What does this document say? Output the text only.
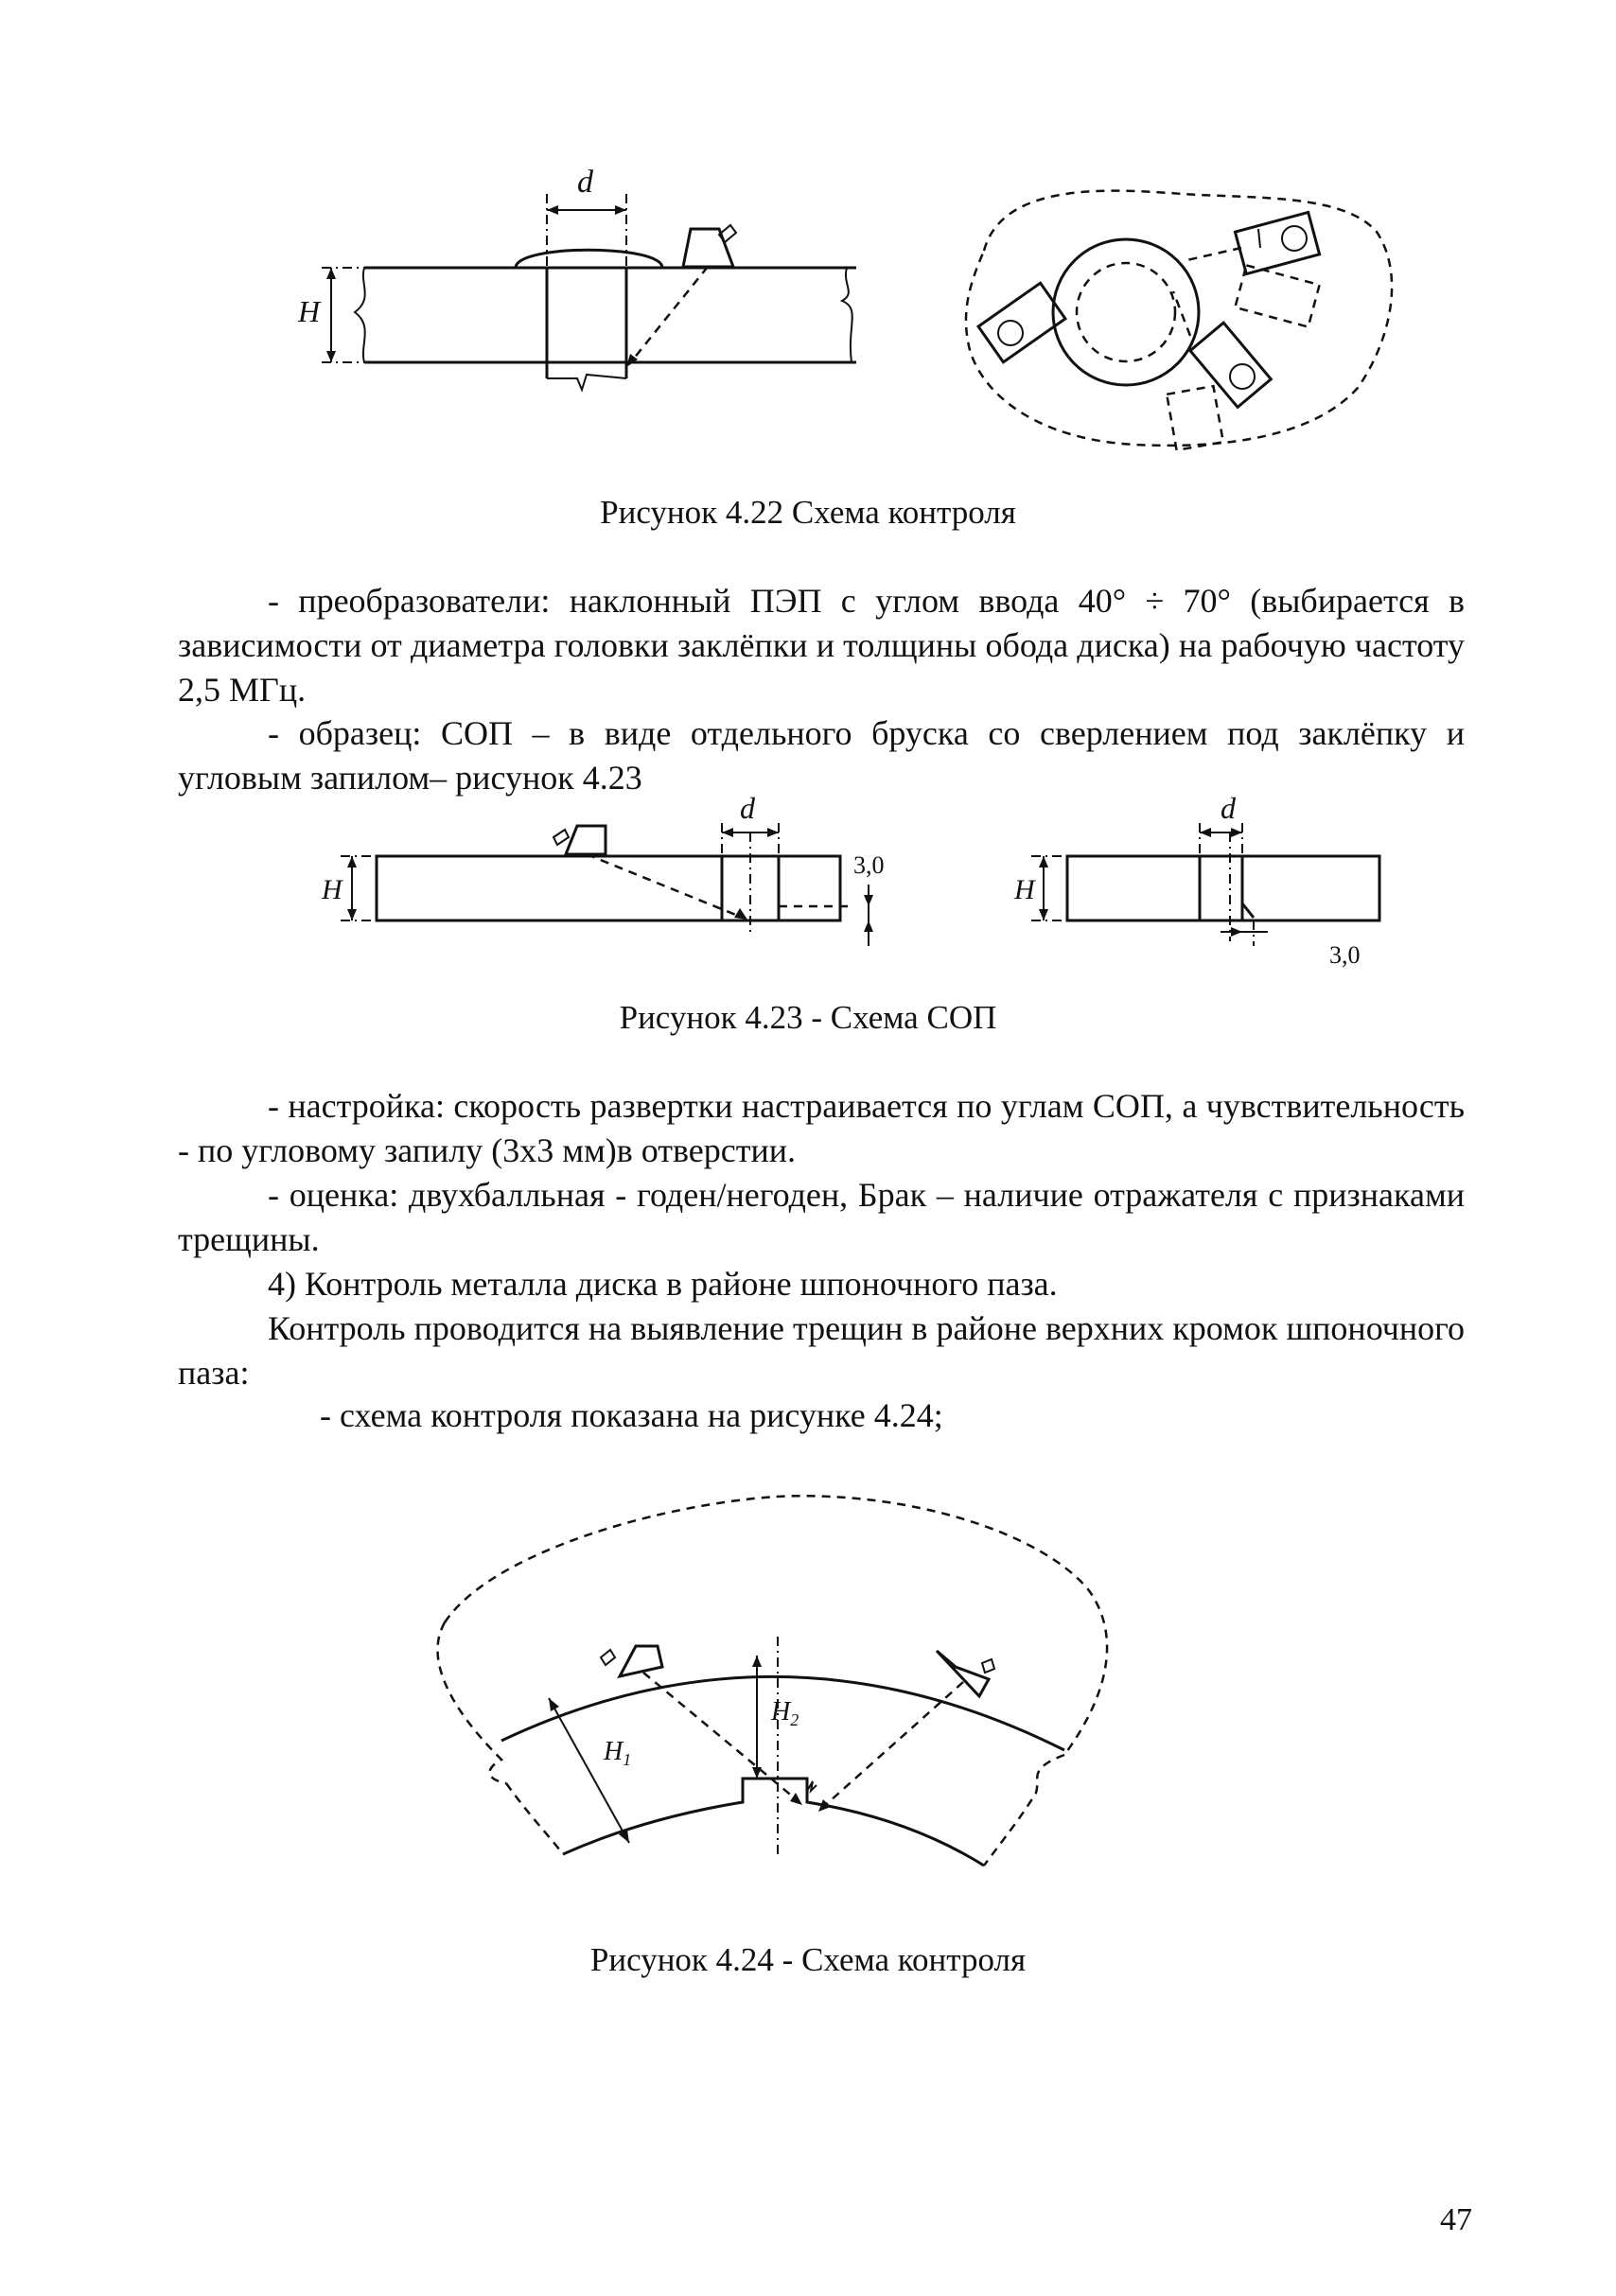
d
H
Рисунок 4.22 Схема контроля
- преобразователи: наклонный ПЭП с углом ввода 40° ÷ 70° (выбирается в зависимости от диаметра головки заклёпки и толщины обода диска) на рабочую частоту 2,5 МГц.
- образец: СОП – в виде отдельного бруска со сверлением под заклёпку и угловым запилом– рисунок 4.23
d	d
H	H
3,0
3,0
Рисунок 4.23 - Схема СОП
- настройка: скорость развертки настраивается по углам СОП, а чувствительность - по угловому запилу (3х3 мм)в отверстии.
- оценка: двухбалльная - годен/негоден, Брак – наличие отражателя с признаками трещины.
4) Контроль металла диска в районе шпоночного паза.
Контроль проводится на выявление трещин в районе верхних кромок шпоночного паза:
- схема контроля показана на рисунке 4.24;
$H_1$
$H_2$
Рисунок 4.24 - Схема контроля
47
